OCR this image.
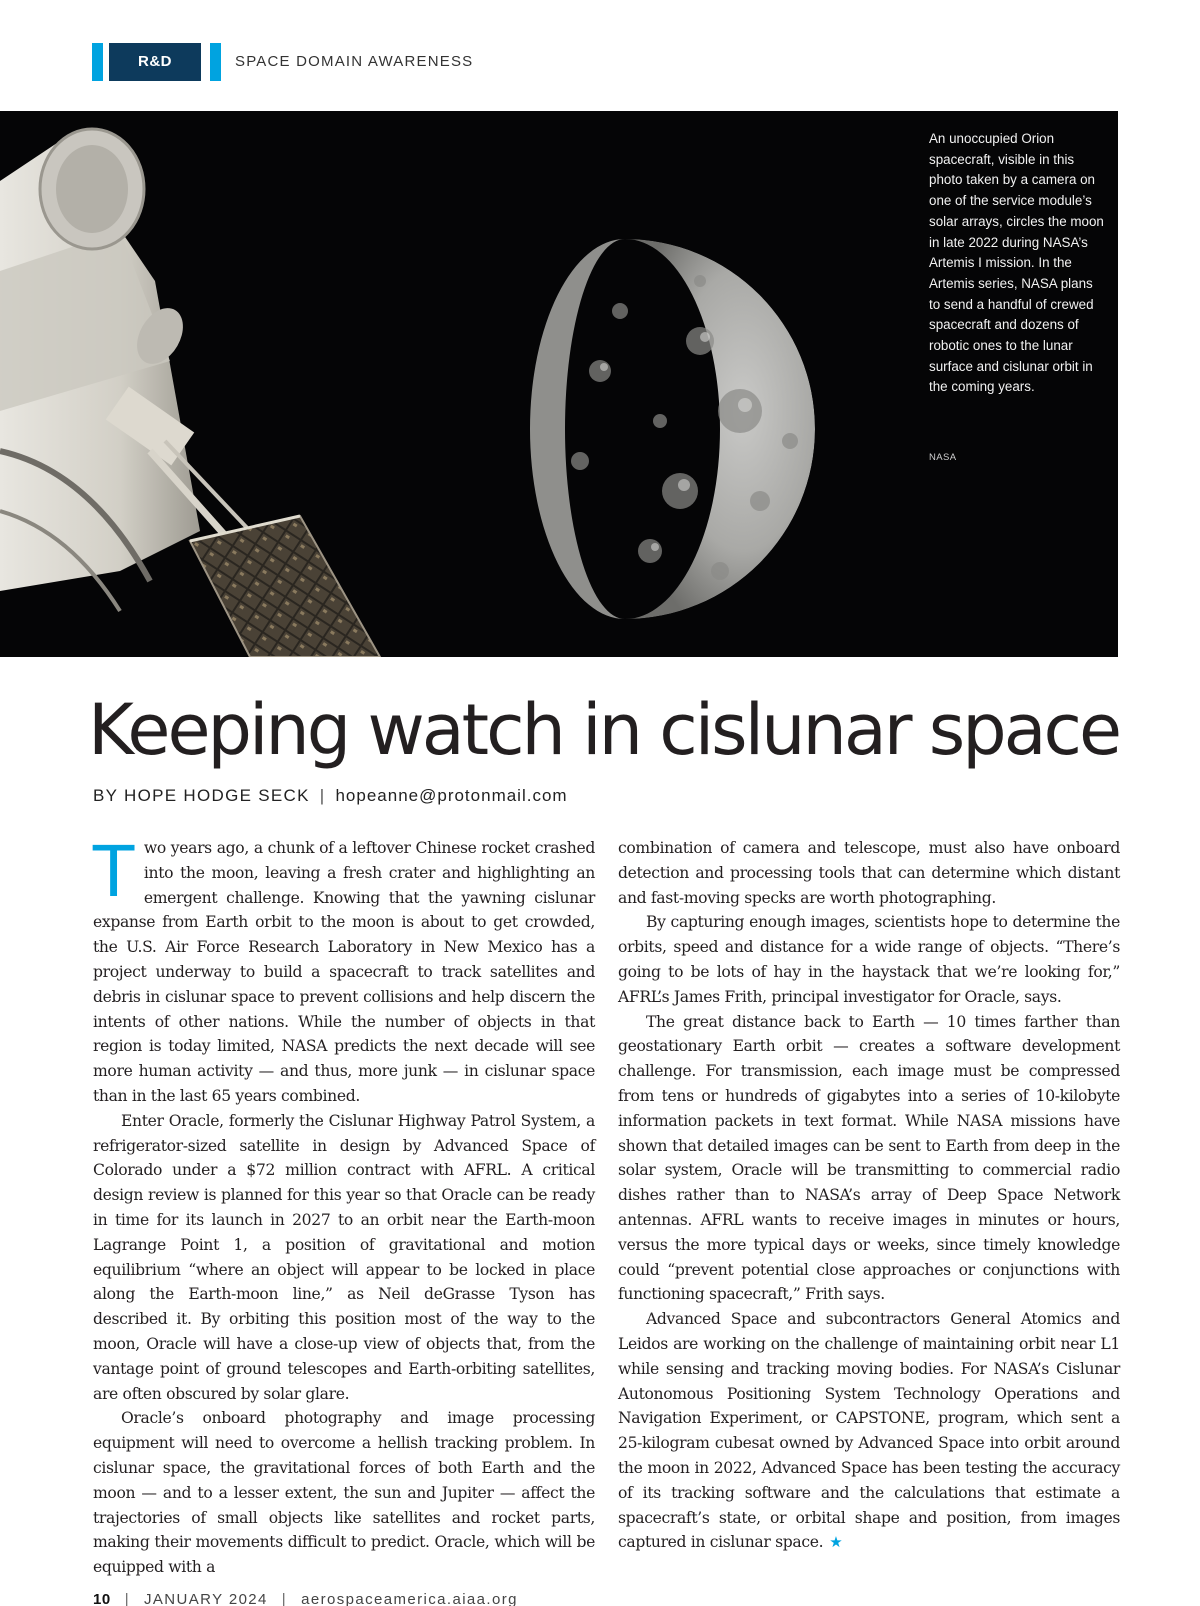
R&D	SPACE DOMAIN AWARENESS
An unoccupied Orion spacecraft, visible in this photo taken by a camera on one of the service module’s solar arrays, circles the moon in late 2022 during NASA’s Artemis I mission. In the Artemis series, NASA plans to send a handful of crewed spacecraft and dozens of robotic ones to the lunar surface and cislunar orbit in the coming years.
NASA
Keeping watch in cislunar space
BY HOPE HODGE SECK | hopeanne@protonmail.com

Two years ago, a chunk of a leftover Chinese rocket crashed into the moon, leaving a fresh crater and highlighting an emergent challenge. Knowing that the yawning cislunar expanse from Earth orbit to the moon is about to get crowded, the U.S. Air Force Research Laboratory in New Mexico has a project underway to build a spacecraft to track satellites and debris in cislunar space to prevent collisions and help discern the intents of other nations. While the number of objects in that region is today limited, NASA predicts the next decade will see more human activity — and thus, more junk — in cislunar space than in the last 65 years combined.

Enter Oracle, formerly the Cislunar Highway Patrol System, a refrigerator-sized satellite in design by Advanced Space of Colorado under a $72 million contract with AFRL. A critical design review is planned for this year so that Oracle can be ready in time for its launch in 2027 to an orbit near the Earth-moon Lagrange Point 1, a position of gravitational and motion equilibrium “where an object will appear to be locked in place along the Earth-moon line,” as Neil deGrasse Tyson has described it. By orbiting this position most of the way to the moon, Oracle will have a close-up view of objects that, from the vantage point of ground telescopes and Earth-orbiting satellites, are often obscured by solar glare.

Oracle’s onboard photography and image processing equipment will need to overcome a hellish tracking problem. In cislunar space, the gravitational forces of both Earth and the moon — and to a lesser extent, the sun and Jupiter — affect the trajectories of small objects like satellites and rocket parts, making their movements difficult to predict. Oracle, which will be equipped with a

combination of camera and telescope, must also have onboard detection and processing tools that can determine which distant and fast-moving specks are worth photographing.

By capturing enough images, scientists hope to determine the orbits, speed and distance for a wide range of objects. “There’s going to be lots of hay in the haystack that we’re looking for,” AFRL’s James Frith, principal investigator for Oracle, says.

The great distance back to Earth — 10 times farther than geostationary Earth orbit — creates a software development challenge. For transmission, each image must be compressed from tens or hundreds of gigabytes into a series of 10-kilobyte information packets in text format. While NASA missions have shown that detailed images can be sent to Earth from deep in the solar system, Oracle will be transmitting to commercial radio dishes rather than to NASA’s array of Deep Space Network antennas. AFRL wants to receive images in minutes or hours, versus the more typical days or weeks, since timely knowledge could “prevent potential close approaches or conjunctions with functioning spacecraft,” Frith says.

Advanced Space and subcontractors General Atomics and Leidos are working on the challenge of maintaining orbit near L1 while sensing and tracking moving bodies. For NASA’s Cislunar Autonomous Positioning System Technology Operations and Navigation Experiment, or CAPSTONE, program, which sent a 25-kilogram cubesat owned by Advanced Space into orbit around the moon in 2022, Advanced Space has been testing the accuracy of its tracking software and the calculations that estimate a spacecraft’s state, or orbital shape and position, from images captured in cislunar space. ★

10 | JANUARY 2024 | aerospaceamerica.aiaa.org
